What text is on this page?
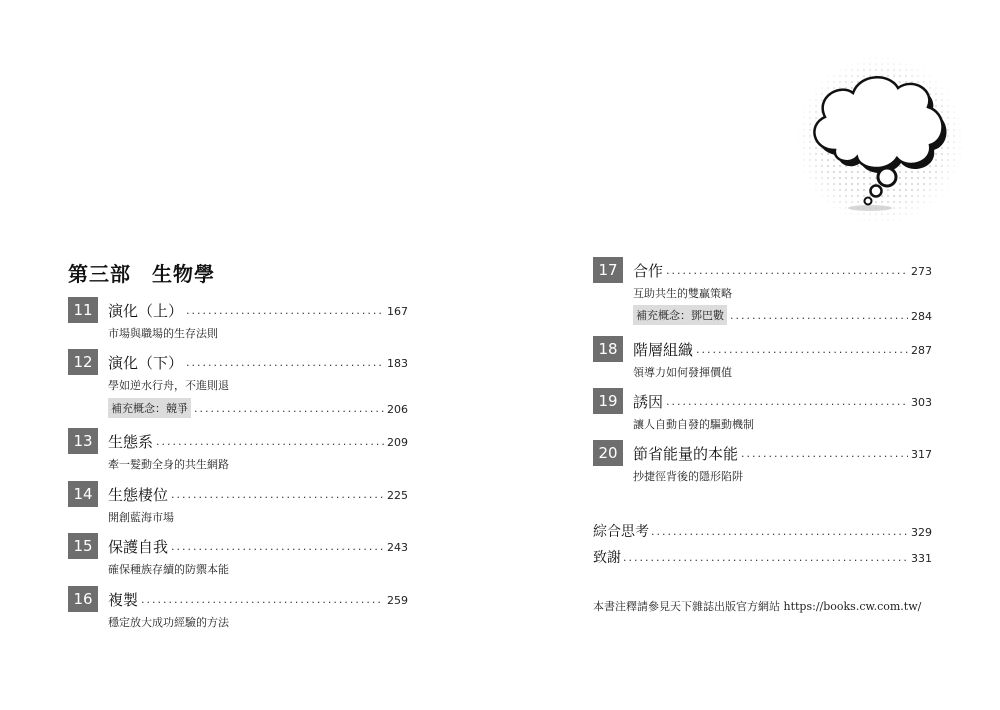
第三部　生物學
11	演化（上） .....	167
市場與職場的生存法則
12	演化（下） .....	183
學如逆水行舟，不進則退
補充概念：競爭 .....	206
13	生態系 .....	209
牽一髮動全身的共生網路
14	生態棲位 .....	225
開創藍海市場
15	保護自我 .....	243
確保種族存續的防禦本能
16	複製 .....	259
穩定放大成功經驗的方法
17	合作 .....	273
互助共生的雙贏策略
補充概念：鄧巴數 .....	284
18	階層組織 .....	287
領導力如何發揮價值
19	誘因 .....	303
讓人自動自發的驅動機制
20	節省能量的本能 .....	317
抄捷徑背後的隱形陷阱
綜合思考 .....	329
致謝 .....	331
本書注釋請參見天下雜誌出版官方網站 https://books.cw.com.tw/
